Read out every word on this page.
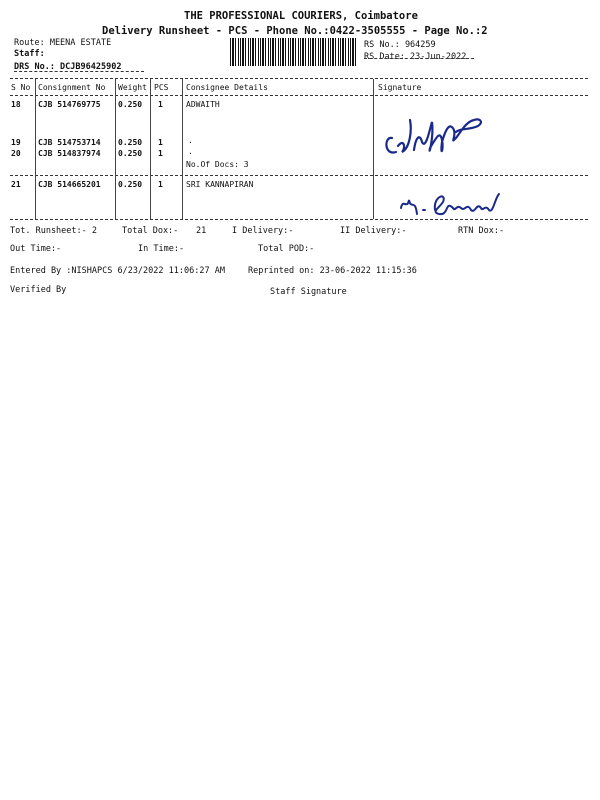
THE PROFESSIONAL COURIERS, Coimbatore
Delivery Runsheet - PCS - Phone No.:0422-3505555 - Page No.:2
Route: MEENA ESTATE
Staff:
DRS No.: DCJB96425902
RS No.: 964259
RS Date: 23-Jun-2022
S No Consignment No Weight PCS Consignee Details	Signature
18 CJB 514769775 0.250 1	ADWAITH
19 CJB 514753714 0.250 1	.
20 CJB 514837974 0.250 1	.
No.Of Docs: 3
21 CJB 514665201 0.250 1	SRI KANNAPIRAN
Tot. Runsheet:- 2	Total Dox:- 21	I Delivery:-	II Delivery:-	RTN Dox:-
Out Time:-	In Time:-	Total POD:-
Entered By :NISHAPCS 6/23/2022 11:06:27 AM	Reprinted on: 23-06-2022 11:15:36
Verified By	Staff Signature
